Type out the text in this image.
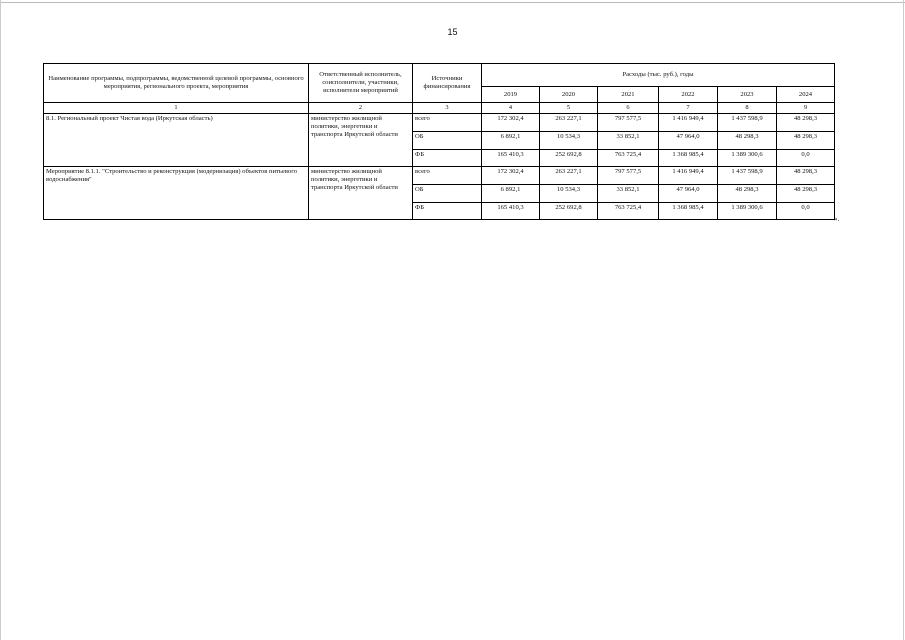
15
Наименование программы, подпрограммы, ведомственной целевой программы, основного мероприятия, регионального проекта, мероприятия	Ответственный исполнитель, соисполнители, участники, исполнители мероприятий	Источники финансирования	Расходы (тыс. руб.), годы					
			2019	2020	2021	2022	2023	2024
1	2	3	4	5	6	7	8	9
8.1. Региональный проект Чистая вода (Иркутская область)	министерство жилищной политики, энергетики и транспорта Иркутской области	всего	172 302,4	263 227,1	797 577,5	1 416 949,4	1 437 598,9	48 298,3
		ОБ	6 892,1	10 534,3	33 852,1	47 964,0	48 298,3	48 298,3
		ФБ	165 410,3	252 692,8	763 725,4	1 368 985,4	1 389 300,6	0,0
Мероприятие 8.1.1. "Строительство и реконструкция (модернизация) объектов питьевого водоснабжения"	министерство жилищной политики, энергетики и транспорта Иркутской области	всего	172 302,4	263 227,1	797 577,5	1 416 949,4	1 437 598,9	48 298,3
		ОБ	6 892,1	10 534,3	33 852,1	47 964,0	48 298,3	48 298,3
		ФБ	165 410,3	252 692,8	763 725,4	1 368 985,4	1 389 300,6	0,0
».
